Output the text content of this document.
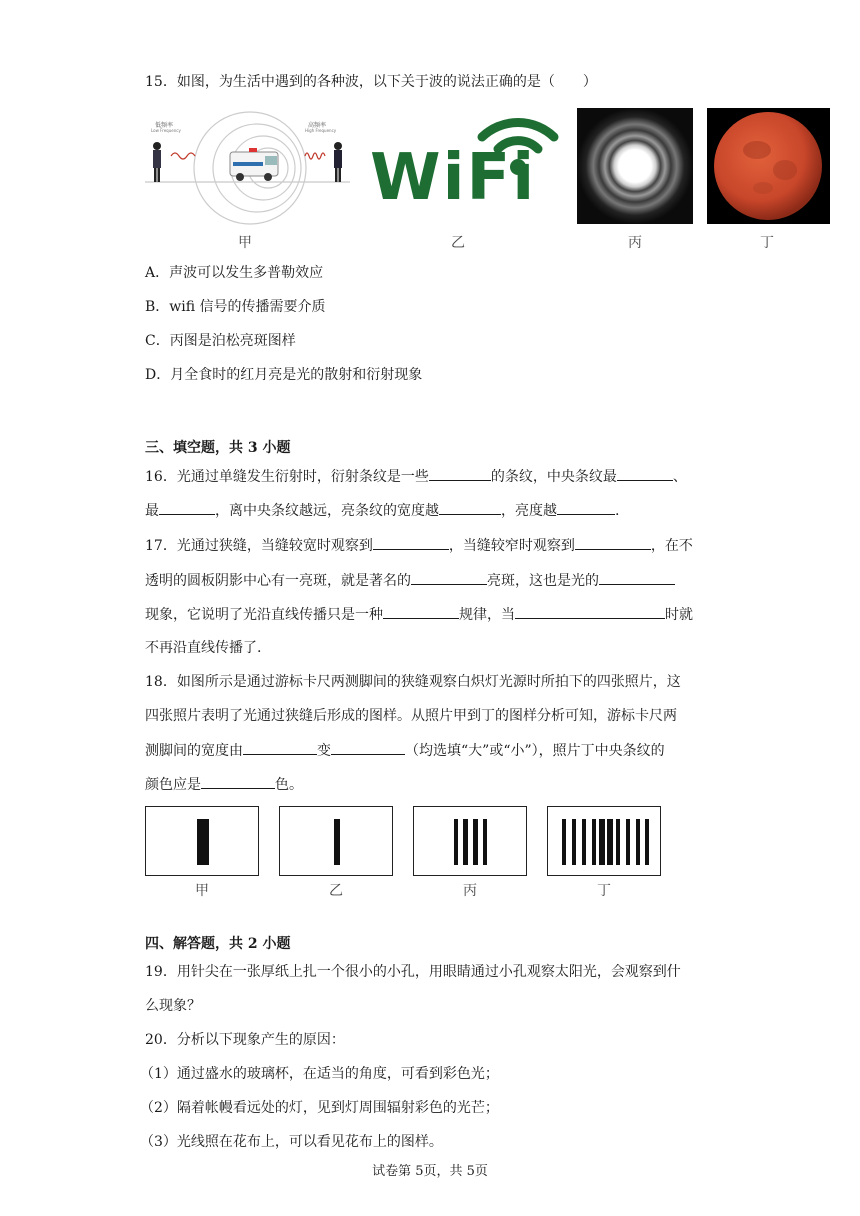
15．如图，为生活中遇到的各种波，以下关于波的说法正确的是（　　）
低频率
Low Frequency
高频率
High Frequency
WiFi
甲	乙	丙	丁
A．声波可以发生多普勒效应
B．wifi 信号的传播需要介质
C．丙图是泊松亮斑图样
D．月全食时的红月亮是光的散射和衍射现象
三、填空题，共 3 小题
16．光通过单缝发生衍射时，衍射条纹是一些	的条纹，中央条纹最	、
最	，离中央条纹越远，亮条纹的宽度越	，亮度越	.
17．光通过狭缝，当缝较宽时观察到	，当缝较窄时观察到	，在不
透明的圆板阴影中心有一亮斑，就是著名的	亮斑，这也是光的
现象，它说明了光沿直线传播只是一种	规律，当	时就
不再沿直线传播了.
18．如图所示是通过游标卡尺两测脚间的狭缝观察白炽灯光源时所拍下的四张照片，这
四张照片表明了光通过狭缝后形成的图样。从照片甲到丁的图样分析可知，游标卡尺两
测脚间的宽度由	变	（均选填“大”或“小”），照片丁中央条纹的
颜色应是	色。
甲	乙	丙	丁
四、解答题，共 2 小题
19．用针尖在一张厚纸上扎一个很小的小孔，用眼睛通过小孔观察太阳光，会观察到什
么现象？
20．分析以下现象产生的原因：
（1）通过盛水的玻璃杯，在适当的角度，可看到彩色光；
（2）隔着帐幔看远处的灯，见到灯周围辐射彩色的光芒；
（3）光线照在花布上，可以看见花布上的图样。
试卷第 5页，共 5页
